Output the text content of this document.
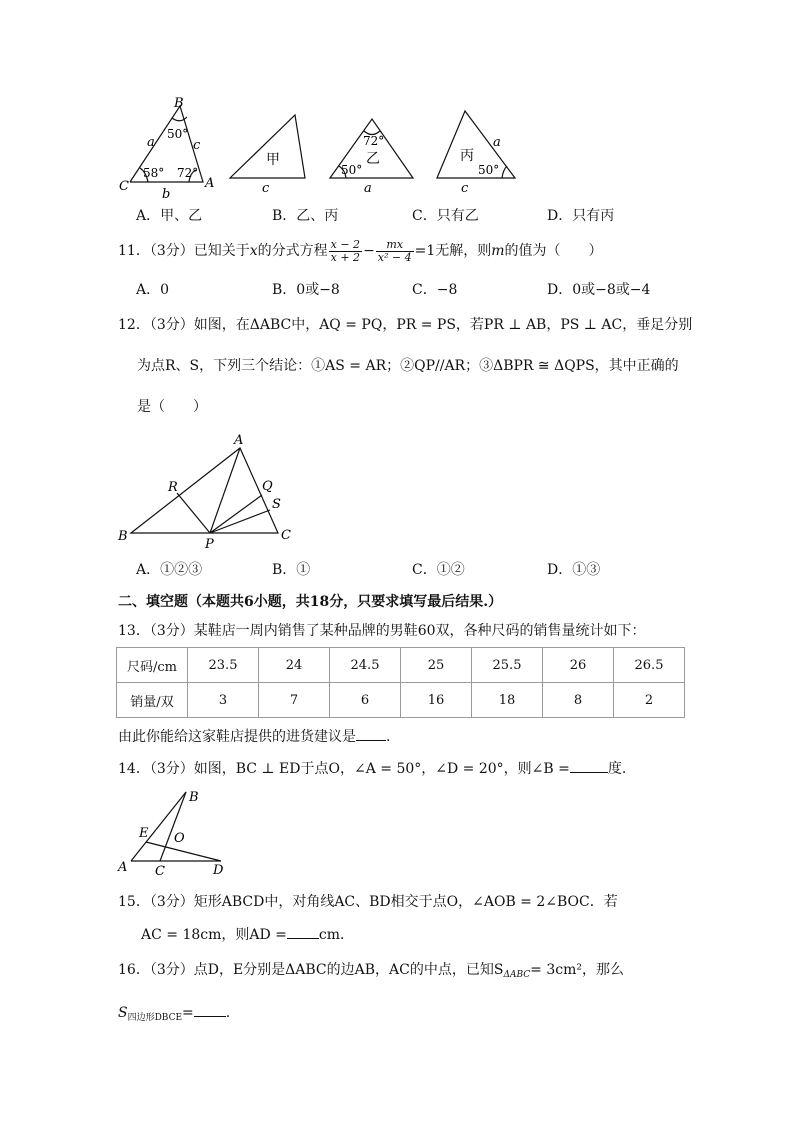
B
C	A
50°
58° 72°
a	c
b
甲
c
72°
乙
50°
a
丙
50°
a
c
A．甲、乙	B．乙、丙	C．只有乙	D．只有丙
11．（3分）已知关于x的分式方程 $\frac{x - 2}{x + 2} - \frac{mx}{\text{x² − 4}} =1$无解，则m的值为（　　）
A．0	B．0或−8	C．−8	D．0或−8或−4
12．（3分）如图，在ΔABC中，AQ = PQ，PR = PS，若PR ⊥ AB，PS ⊥ AC，垂足分别
为点R、S，下列三个结论：①AS = AR；②QP//AR；③ΔBPR ≅ ΔQPS，其中正确的
是（　　）
A
B	C
P
Q
R
S
A．①②③	B．①	C．①②	D．①③
二、填空题（本题共6小题，共18分，只要求填写最后结果.）
13．（3分）某鞋店一周内销售了某种品牌的男鞋60双，各种尺码的销售量统计如下：
尺码/cm	23.5	24	24.5	25	25.5	26	26.5
销量/双	3	7	6	16	18	8	2
由此你能给这家鞋店提供的进货建议是 .
14．（3分）如图，BC ⊥ ED于点O，∠A = 50°，∠D = 20°，则∠B =	度.
A
B
C	D
E O
15．（3分）矩形ABCD中，对角线AC、BD相交于点O，∠AOB = 2∠BOC．若
AC = 18cm，则AD = cm．
16．（3分）点D，E分别是ΔABC的边AB，AC的中点，已知$S_{\Delta ABC}= 3cm^2$，那么
$S_{四边形DBCE}=$ .
